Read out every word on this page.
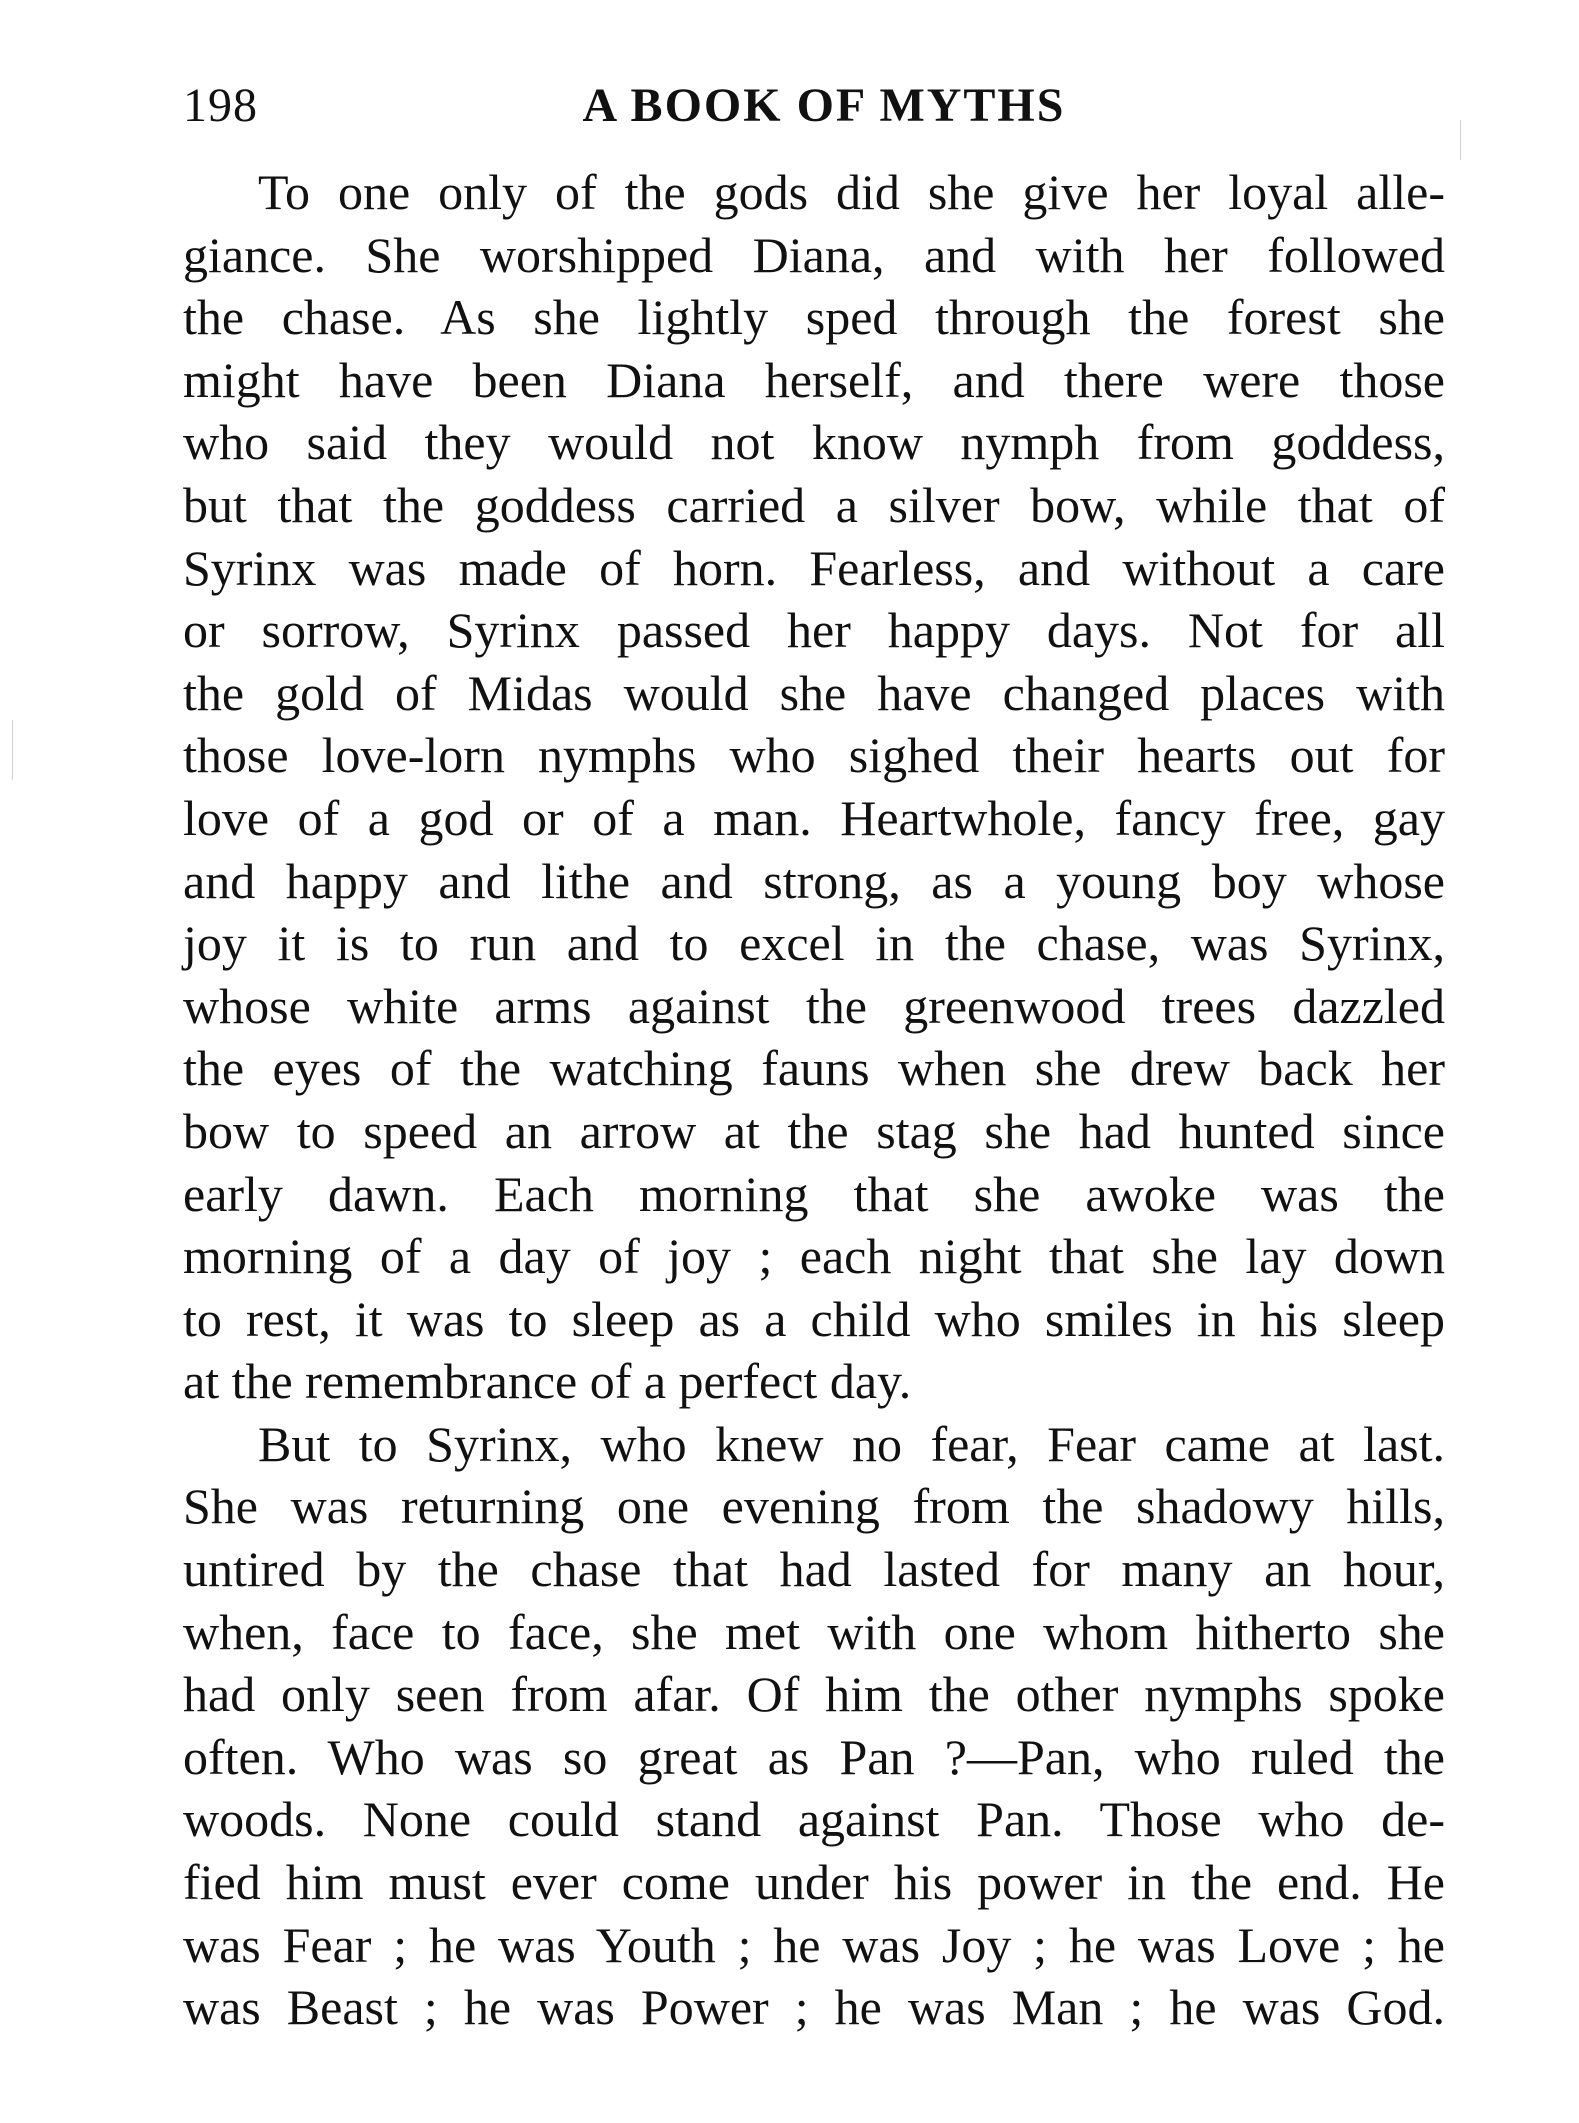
198	A BOOK OF MYTHS
To one only of the gods did she give her loyal alle-
giance. She worshipped Diana, and with her followed
the chase. As she lightly sped through the forest she
might have been Diana herself, and there were those
who said they would not know nymph from goddess,
but that the goddess carried a silver bow, while that of
Syrinx was made of horn. Fearless, and without a care
or sorrow, Syrinx passed her happy days. Not for all
the gold of Midas would she have changed places with
those love-lorn nymphs who sighed their hearts out for
love of a god or of a man. Heartwhole, fancy free, gay
and happy and lithe and strong, as a young boy whose
joy it is to run and to excel in the chase, was Syrinx,
whose white arms against the greenwood trees dazzled
the eyes of the watching fauns when she drew back her
bow to speed an arrow at the stag she had hunted since
early dawn. Each morning that she awoke was the
morning of a day of joy ; each night that she lay down
to rest, it was to sleep as a child who smiles in his sleep
at the remembrance of a perfect day.
But to Syrinx, who knew no fear, Fear came at last.
She was returning one evening from the shadowy hills,
untired by the chase that had lasted for many an hour,
when, face to face, she met with one whom hitherto she
had only seen from afar. Of him the other nymphs spoke
often. Who was so great as Pan ?—Pan, who ruled the
woods. None could stand against Pan. Those who de-
fied him must ever come under his power in the end. He
was Fear ; he was Youth ; he was Joy ; he was Love ; he
was Beast ; he was Power ; he was Man ; he was God.
